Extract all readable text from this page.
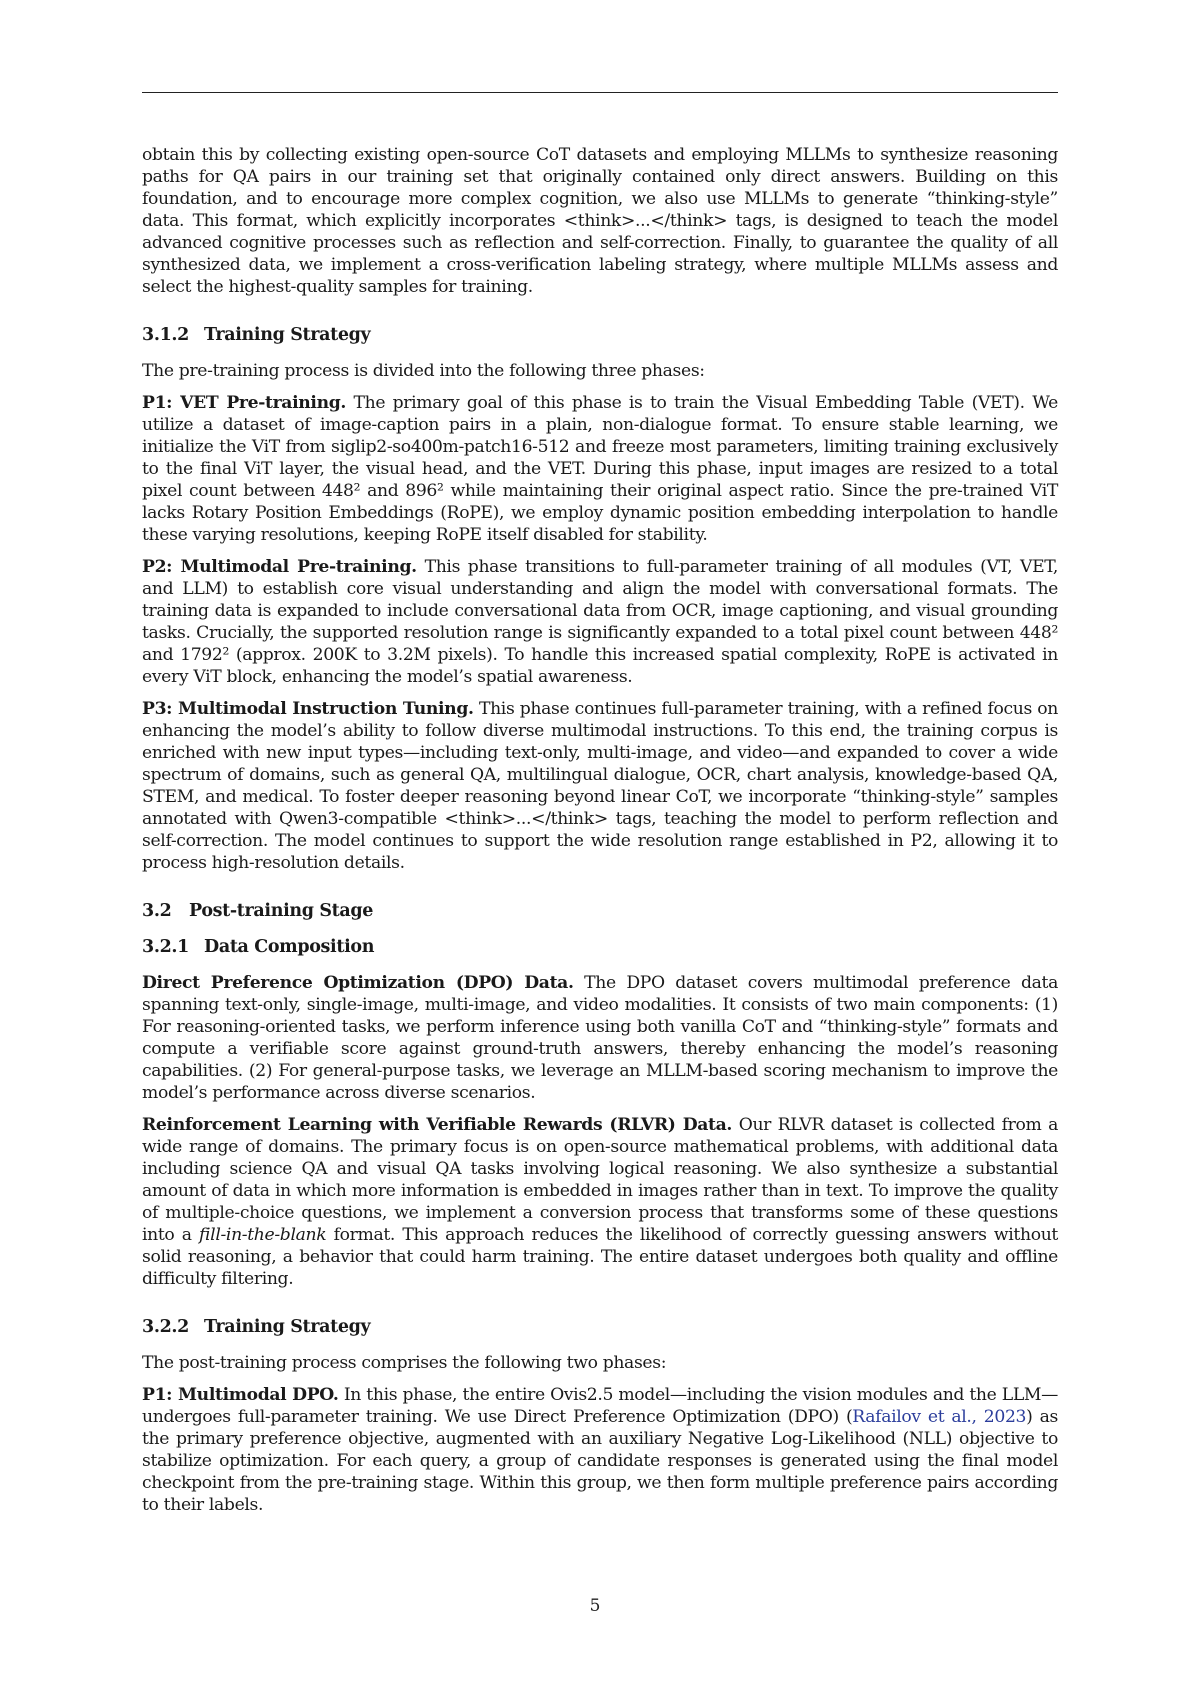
obtain this by collecting existing open-source CoT datasets and employing MLLMs to synthesize reasoning paths for QA pairs in our training set that originally contained only direct answers. Building on this foundation, and to encourage more complex cognition, we also use MLLMs to generate “thinking-style” data. This format, which explicitly incorporates <think>...</think> tags, is designed to teach the model advanced cognitive processes such as reflection and self-correction. Finally, to guarantee the quality of all synthesized data, we implement a cross-verification labeling strategy, where multiple MLLMs assess and select the highest-quality samples for training.

3.1.2 Training Strategy

The pre-training process is divided into the following three phases:

P1: VET Pre-training. The primary goal of this phase is to train the Visual Embedding Table (VET). We utilize a dataset of image-caption pairs in a plain, non-dialogue format. To ensure stable learning, we initialize the ViT from siglip2-so400m-patch16-512 and freeze most parameters, limiting training exclusively to the final ViT layer, the visual head, and the VET. During this phase, input images are resized to a total pixel count between 448² and 896² while maintaining their original aspect ratio. Since the pre-trained ViT lacks Rotary Position Embeddings (RoPE), we employ dynamic position embedding interpolation to handle these varying resolutions, keeping RoPE itself disabled for stability.

P2: Multimodal Pre-training. This phase transitions to full-parameter training of all modules (VT, VET, and LLM) to establish core visual understanding and align the model with conversational formats. The training data is expanded to include conversational data from OCR, image captioning, and visual grounding tasks. Crucially, the supported resolution range is significantly expanded to a total pixel count between 448² and 1792² (approx. 200K to 3.2M pixels). To handle this increased spatial complexity, RoPE is activated in every ViT block, enhancing the model’s spatial awareness.

P3: Multimodal Instruction Tuning. This phase continues full-parameter training, with a refined focus on enhancing the model’s ability to follow diverse multimodal instructions. To this end, the training corpus is enriched with new input types—including text-only, multi-image, and video—and expanded to cover a wide spectrum of domains, such as general QA, multilingual dialogue, OCR, chart analysis, knowledge-based QA, STEM, and medical. To foster deeper reasoning beyond linear CoT, we incorporate “thinking-style” samples annotated with Qwen3-compatible <think>...</think> tags, teaching the model to perform reflection and self-correction. The model continues to support the wide resolution range established in P2, allowing it to process high-resolution details.

3.2 Post-training Stage
3.2.1 Data Composition

Direct Preference Optimization (DPO) Data. The DPO dataset covers multimodal preference data spanning text-only, single-image, multi-image, and video modalities. It consists of two main components: (1) For reasoning-oriented tasks, we perform inference using both vanilla CoT and “thinking-style” formats and compute a verifiable score against ground-truth answers, thereby enhancing the model’s reasoning capabilities. (2) For general-purpose tasks, we leverage an MLLM-based scoring mechanism to improve the model’s performance across diverse scenarios.

Reinforcement Learning with Verifiable Rewards (RLVR) Data. Our RLVR dataset is collected from a wide range of domains. The primary focus is on open-source mathematical problems, with additional data including science QA and visual QA tasks involving logical reasoning. We also synthesize a substantial amount of data in which more information is embedded in images rather than in text. To improve the quality of multiple-choice questions, we implement a conversion process that transforms some of these questions into a fill-in-the-blank format. This approach reduces the likelihood of correctly guessing answers without solid reasoning, a behavior that could harm training. The entire dataset undergoes both quality and offline difficulty filtering.

3.2.2 Training Strategy

The post-training process comprises the following two phases:

P1: Multimodal DPO. In this phase, the entire Ovis2.5 model—including the vision modules and the LLM—undergoes full-parameter training. We use Direct Preference Optimization (DPO) (Rafailov et al., 2023) as the primary preference objective, augmented with an auxiliary Negative Log-Likelihood (NLL) objective to stabilize optimization. For each query, a group of candidate responses is generated using the final model checkpoint from the pre-training stage. Within this group, we then form multiple preference pairs according to their labels.

5
